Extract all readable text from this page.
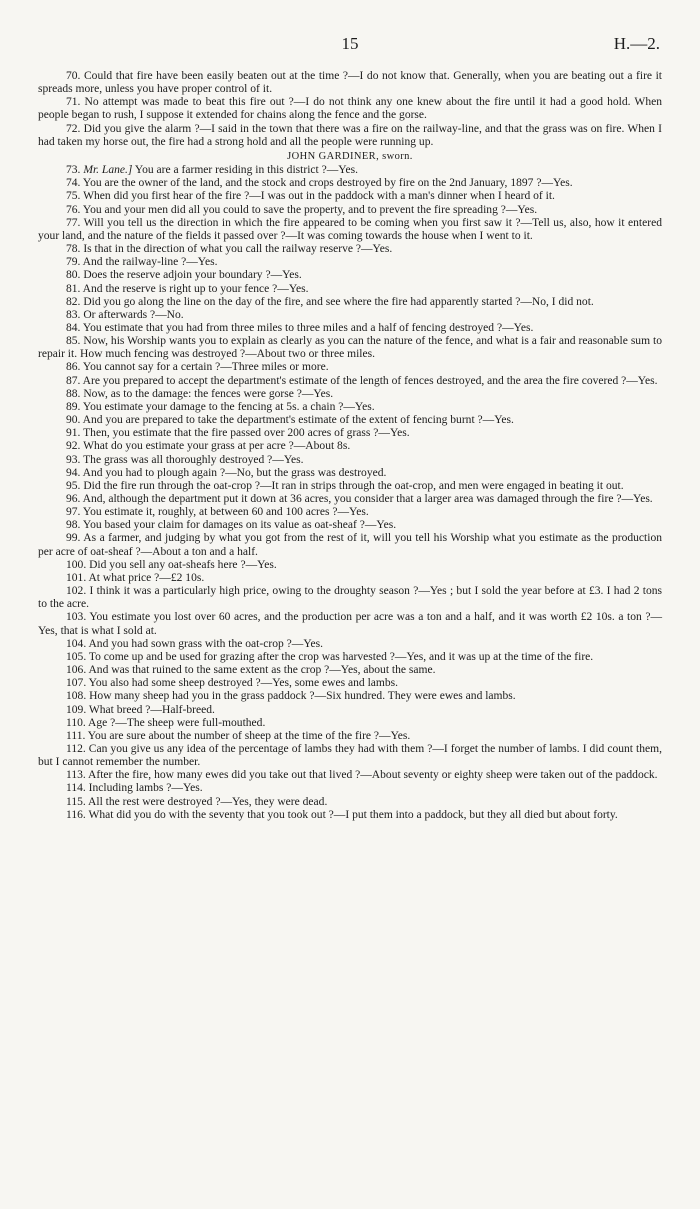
15	H.—2.

70. Could that fire have been easily beaten out at the time ?—I do not know that. Generally, when you are beating out a fire it spreads more, unless you have proper control of it.

71. No attempt was made to beat this fire out ?—I do not think any one knew about the fire until it had a good hold. When people began to rush, I suppose it extended for chains along the fence and the gorse.

72. Did you give the alarm ?—I said in the town that there was a fire on the railway-line, and that the grass was on fire. When I had taken my horse out, the fire had a strong hold and all the people were running up.

JOHN GARDINER, sworn.

73. Mr. Lane.] You are a farmer residing in this district ?—Yes.

74. You are the owner of the land, and the stock and crops destroyed by fire on the 2nd January, 1897 ?—Yes.

75. When did you first hear of the fire ?—I was out in the paddock with a man's dinner when I heard of it.

76. You and your men did all you could to save the property, and to prevent the fire spreading ?—Yes.

77. Will you tell us the direction in which the fire appeared to be coming when you first saw it ?—Tell us, also, how it entered your land, and the nature of the fields it passed over ?—It was coming towards the house when I went to it.

78. Is that in the direction of what you call the railway reserve ?—Yes.

79. And the railway-line ?—Yes.

80. Does the reserve adjoin your boundary ?—Yes.

81. And the reserve is right up to your fence ?—Yes.

82. Did you go along the line on the day of the fire, and see where the fire had apparently started ?—No, I did not.

83. Or afterwards ?—No.

84. You estimate that you had from three miles to three miles and a half of fencing destroyed ?—Yes.

85. Now, his Worship wants you to explain as clearly as you can the nature of the fence, and what is a fair and reasonable sum to repair it. How much fencing was destroyed ?—About two or three miles.

86. You cannot say for a certain ?—Three miles or more.

87. Are you prepared to accept the department's estimate of the length of fences destroyed, and the area the fire covered ?—Yes.

88. Now, as to the damage: the fences were gorse ?—Yes.

89. You estimate your damage to the fencing at 5s. a chain ?—Yes.

90. And you are prepared to take the department's estimate of the extent of fencing burnt ?—Yes.

91. Then, you estimate that the fire passed over 200 acres of grass ?—Yes.

92. What do you estimate your grass at per acre ?—About 8s.

93. The grass was all thoroughly destroyed ?—Yes.

94. And you had to plough again ?—No, but the grass was destroyed.

95. Did the fire run through the oat-crop ?—It ran in strips through the oat-crop, and men were engaged in beating it out.

96. And, although the department put it down at 36 acres, you consider that a larger area was damaged through the fire ?—Yes.

97. You estimate it, roughly, at between 60 and 100 acres ?—Yes.

98. You based your claim for damages on its value as oat-sheaf ?—Yes.

99. As a farmer, and judging by what you got from the rest of it, will you tell his Worship what you estimate as the production per acre of oat-sheaf ?—About a ton and a half.

100. Did you sell any oat-sheafs here ?—Yes.

101. At what price ?—£2 10s.

102. I think it was a particularly high price, owing to the droughty season ?—Yes ; but I sold the year before at £3. I had 2 tons to the acre.

103. You estimate you lost over 60 acres, and the production per acre was a ton and a half, and it was worth £2 10s. a ton ?—Yes, that is what I sold at.

104. And you had sown grass with the oat-crop ?—Yes.

105. To come up and be used for grazing after the crop was harvested ?—Yes, and it was up at the time of the fire.

106. And was that ruined to the same extent as the crop ?—Yes, about the same.

107. You also had some sheep destroyed ?—Yes, some ewes and lambs.

108. How many sheep had you in the grass paddock ?—Six hundred. They were ewes and lambs.

109. What breed ?—Half-breed.

110. Age ?—The sheep were full-mouthed.

111. You are sure about the number of sheep at the time of the fire ?—Yes.

112. Can you give us any idea of the percentage of lambs they had with them ?—I forget the number of lambs. I did count them, but I cannot remember the number.

113. After the fire, how many ewes did you take out that lived ?—About seventy or eighty sheep were taken out of the paddock.

114. Including lambs ?—Yes.

115. All the rest were destroyed ?—Yes, they were dead.

116. What did you do with the seventy that you took out ?—I put them into a paddock, but they all died but about forty.
